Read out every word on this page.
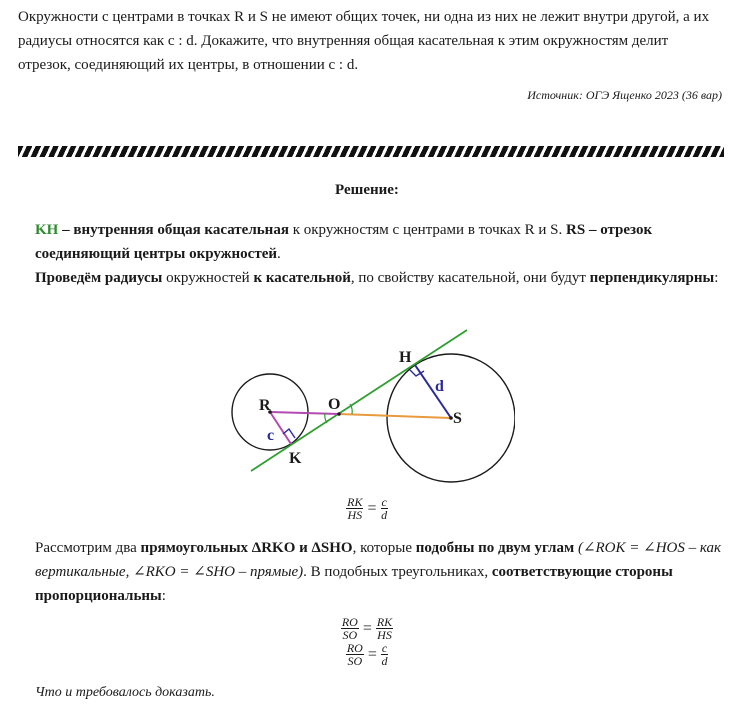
Окружности с центрами в точках R и S не имеют общих точек, ни одна из них не лежит внутри другой, а их радиусы относятся как c : d. Докажите, что внутренняя общая касательная к этим окружностям делит отрезок, соединяющий их центры, в отношении c : d.
Источник: ОГЭ Ященко 2023 (36 вар)
Решение:
KH – внутренняя общая касательная к окружностям с центрами в точках R и S. RS – отрезок соединяющий центры окружностей.
Проведём радиусы окружностей к касательной, по свойству касательной, они будут перпендикулярны:
R
S
O
K
H
c
d
$\frac{RK}{HS} = \frac{c}{d}$
Рассмотрим два прямоугольных ΔRKO и ΔSHO, которые подобны по двум углам (∠ROK = ∠HOS – как вертикальные, ∠RKO = ∠SHO – прямые). В подобных треугольниках, соответствующие стороны пропорциональны:
$\frac{RO}{SO} = \frac{RK}{HS}$
$\frac{RO}{SO} = \frac{c}{d}$
Что и требовалось доказать.
